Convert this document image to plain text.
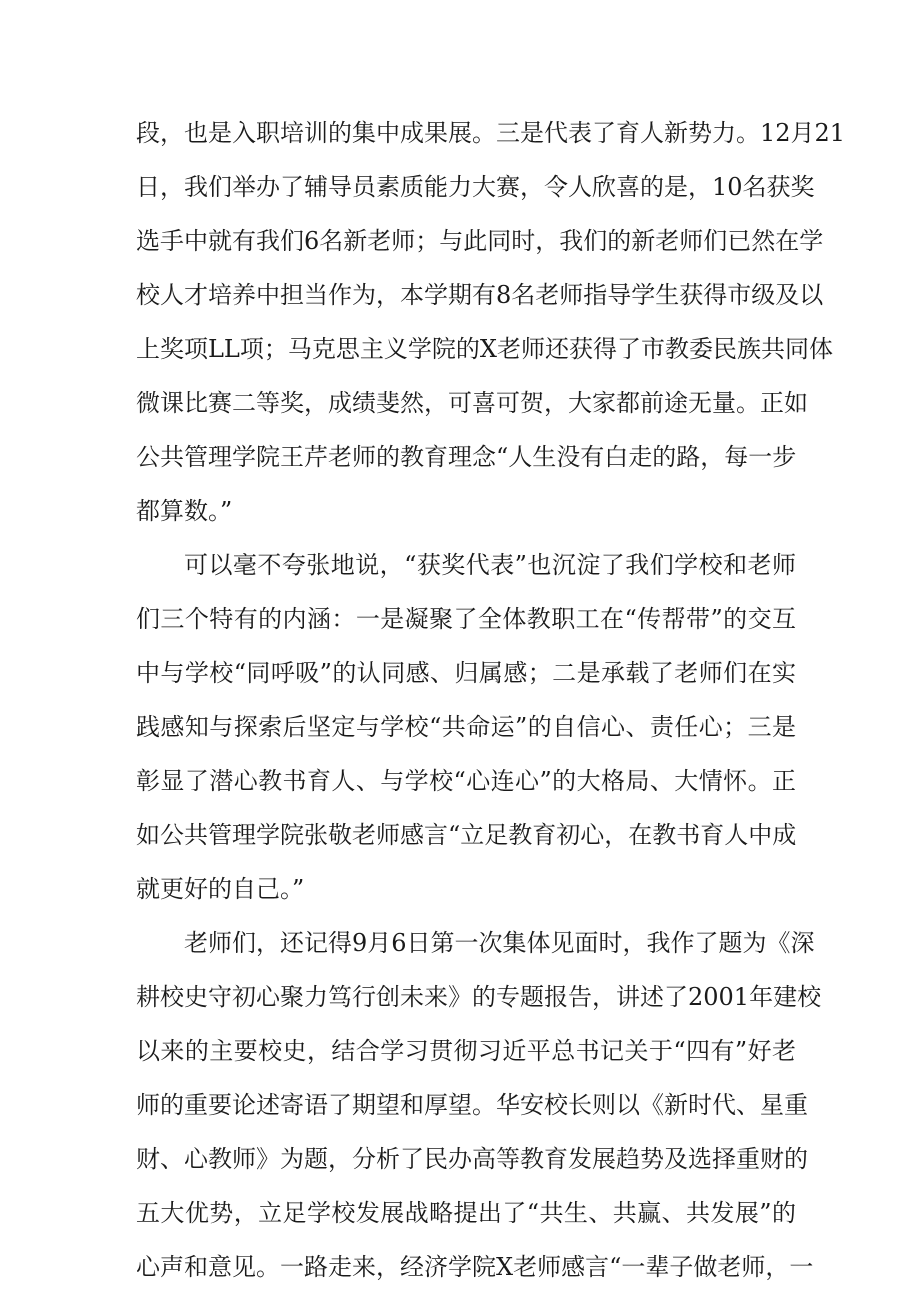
段，也是入职培训的集中成果展。三是代表了育人新势力。12月21
日，我们举办了辅导员素质能力大赛，令人欣喜的是，10名获奖
选手中就有我们6名新老师；与此同时，我们的新老师们已然在学
校人才培养中担当作为，本学期有8名老师指导学生获得市级及以
上奖项LL项；马克思主义学院的X老师还获得了市教委民族共同体
微课比赛二等奖，成绩斐然，可喜可贺，大家都前途无量。正如
公共管理学院王芹老师的教育理念“人生没有白走的路，每一步
都算数。”
可以毫不夸张地说，“获奖代表”也沉淀了我们学校和老师
们三个特有的内涵：一是凝聚了全体教职工在“传帮带”的交互
中与学校“同呼吸”的认同感、归属感；二是承载了老师们在实
践感知与探索后坚定与学校“共命运”的自信心、责任心；三是
彰显了潜心教书育人、与学校“心连心”的大格局、大情怀。正
如公共管理学院张敬老师感言“立足教育初心，在教书育人中成
就更好的自己。”
老师们，还记得9月6日第一次集体见面时，我作了题为《深
耕校史守初心聚力笃行创未来》的专题报告，讲述了2001年建校
以来的主要校史，结合学习贯彻习近平总书记关于“四有”好老
师的重要论述寄语了期望和厚望。华安校长则以《新时代、星重
财、心教师》为题，分析了民办高等教育发展趋势及选择重财的
五大优势，立足学校发展战略提出了“共生、共赢、共发展”的
心声和意见。一路走来，经济学院X老师感言“一辈子做老师，一
